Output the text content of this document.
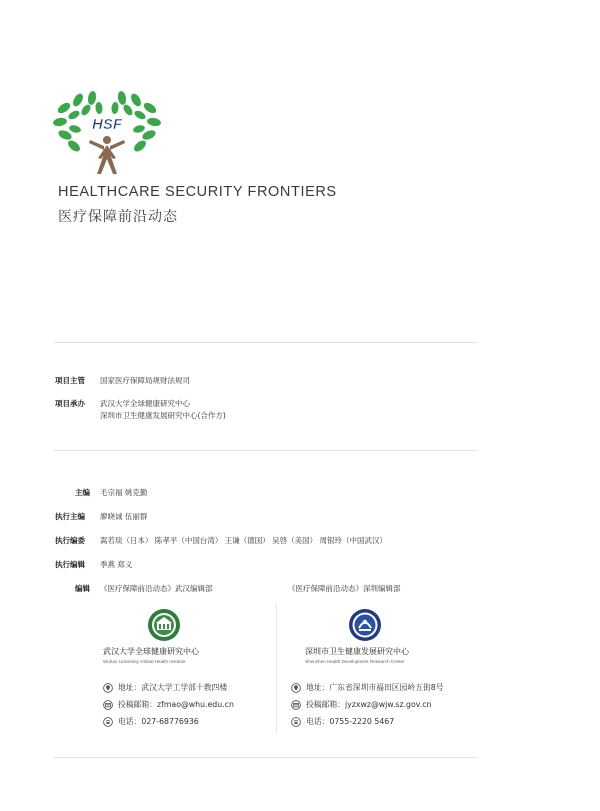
HSF
HEALTHCARE SECURITY FRONTIERS
医疗保障前沿动态
项目主管 国家医疗保障局规财法规司
项目承办 武汉大学全球健康研究中心
深圳市卫生健康发展研究中心(合作方)
主编 毛宗福 姚克勤
执行主编 廖晓诚 伍丽群
执行编委 嵩若琰（日本） 陈孝平（中国台湾） 王谦（德国） 吴啓（美国） 周银玲（中国武汉）
执行编辑 季燕 郑义
编辑 《医疗保障前沿动态》武汉编辑部	《医疗保障前沿动态》深圳编辑部
武汉大学全球健康研究中心
Wuhan University Global Health Institute
地址：武汉大学工学部十教四楼
投稿邮箱：zfmao@whu.edu.cn
电话：027-68776936
深圳市卫生健康发展研究中心
Shenzhen Health Development Research Center
地址：广东省深圳市福田区园岭五街8号
投稿邮箱：jyzxwz@wjw.sz.gov.cn
电话：0755-2220 5467
